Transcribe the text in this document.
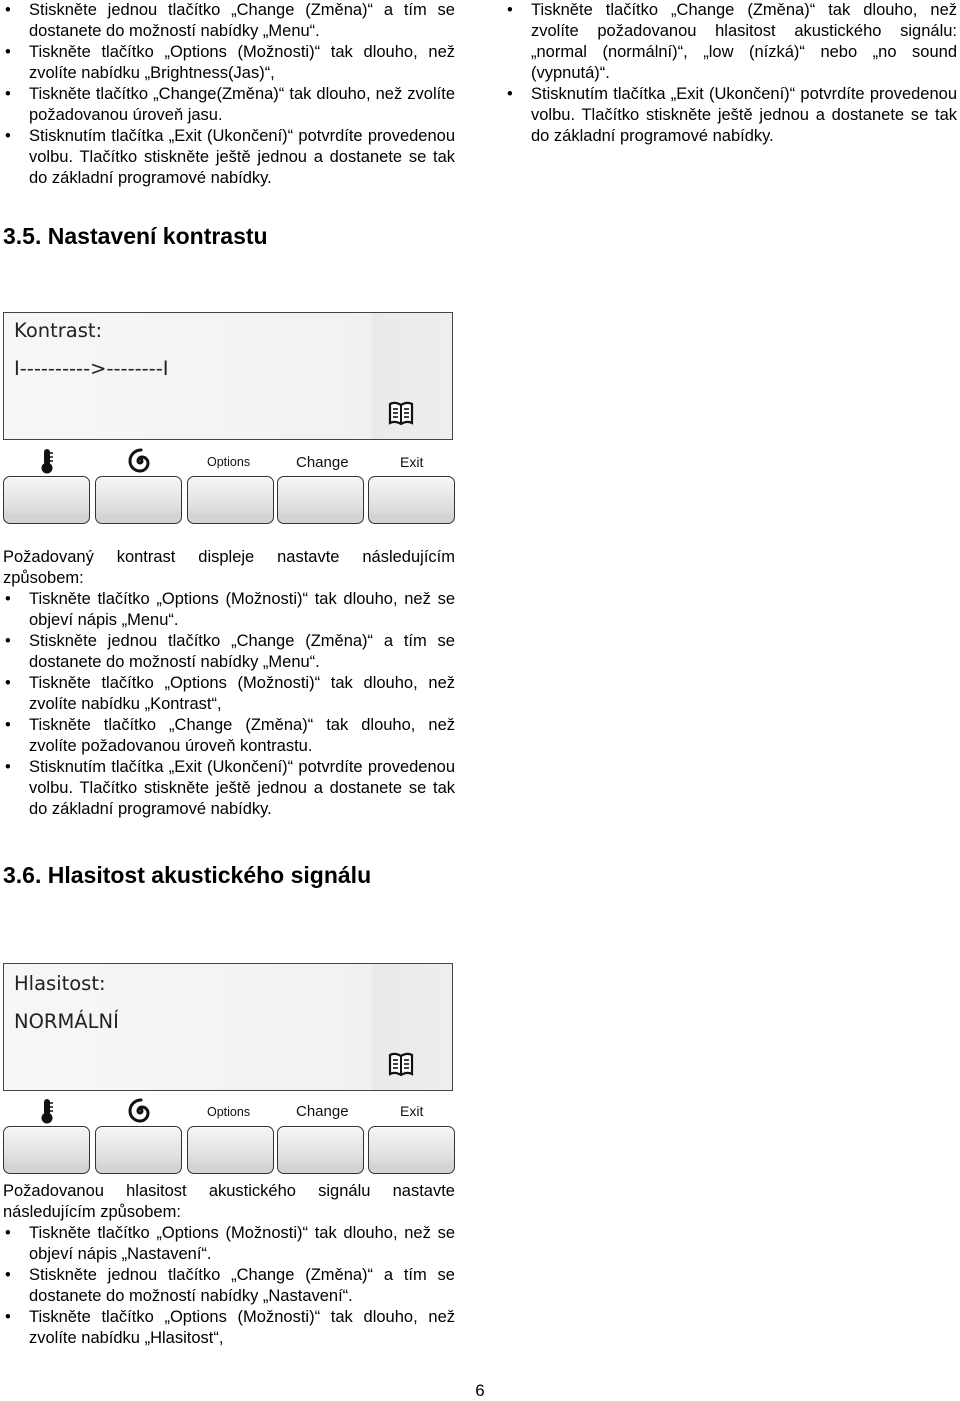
• Stiskněte jednou tlačítko „Change (Změna)“ a tím se dostanete do možností nabídky „Menu“.
• Tiskněte tlačítko „Options (Možnosti)“ tak dlouho, než zvolíte nabídku „Brightness(Jas)“,
• Tiskněte tlačítko „Change(Změna)“ tak dlouho, než zvolíte požadovanou úroveň jasu.
• Stisknutím tlačítka „Exit (Ukončení)“ potvrdíte provedenou volbu. Tlačítko stiskněte ještě jednou a dostanete se tak do základní programové nabídky.
• Tiskněte tlačítko „Change (Změna)“ tak dlouho, než zvolíte požadovanou hlasitost akustického signálu: „normal (normální)“, „low (nízká)“ nebo „no sound (vypnutá)“.
• Stisknutím tlačítka „Exit (Ukončení)“ potvrdíte provedenou volbu. Tlačítko stiskněte ještě jednou a dostanete se tak do základní programové nabídky.
3.5. Nastavení kontrastu
Kontrast:
I---------->--------I
Options	Change	Exit

Požadovaný kontrast displeje nastavte následujícím způsobem:

• Tiskněte tlačítko „Options (Možnosti)“ tak dlouho, než se objeví nápis „Menu“.
• Stiskněte jednou tlačítko „Change (Změna)“ a tím se dostanete do možností nabídky „Menu“.
• Tiskněte tlačítko „Options (Možnosti)“ tak dlouho, než zvolíte nabídku „Kontrast“,
• Tiskněte tlačítko „Change (Změna)“ tak dlouho, než zvolíte požadovanou úroveň kontrastu.
• Stisknutím tlačítka „Exit (Ukončení)“ potvrdíte provedenou volbu. Tlačítko stiskněte ještě jednou a dostanete se tak do základní programové nabídky.
3.6. Hlasitost akustického signálu
Hlasitost:
NORMÁLNÍ
Options	Change	Exit

Požadovanou hlasitost akustického signálu nastavte následujícím způsobem:

• Tiskněte tlačítko „Options (Možnosti)“ tak dlouho, než se objeví nápis „Nastavení“.
• Stiskněte jednou tlačítko „Change (Změna)“ a tím se dostanete do možností nabídky „Nastavení“.
• Tiskněte tlačítko „Options (Možnosti)“ tak dlouho, než zvolíte nabídku „Hlasitost“,
6
